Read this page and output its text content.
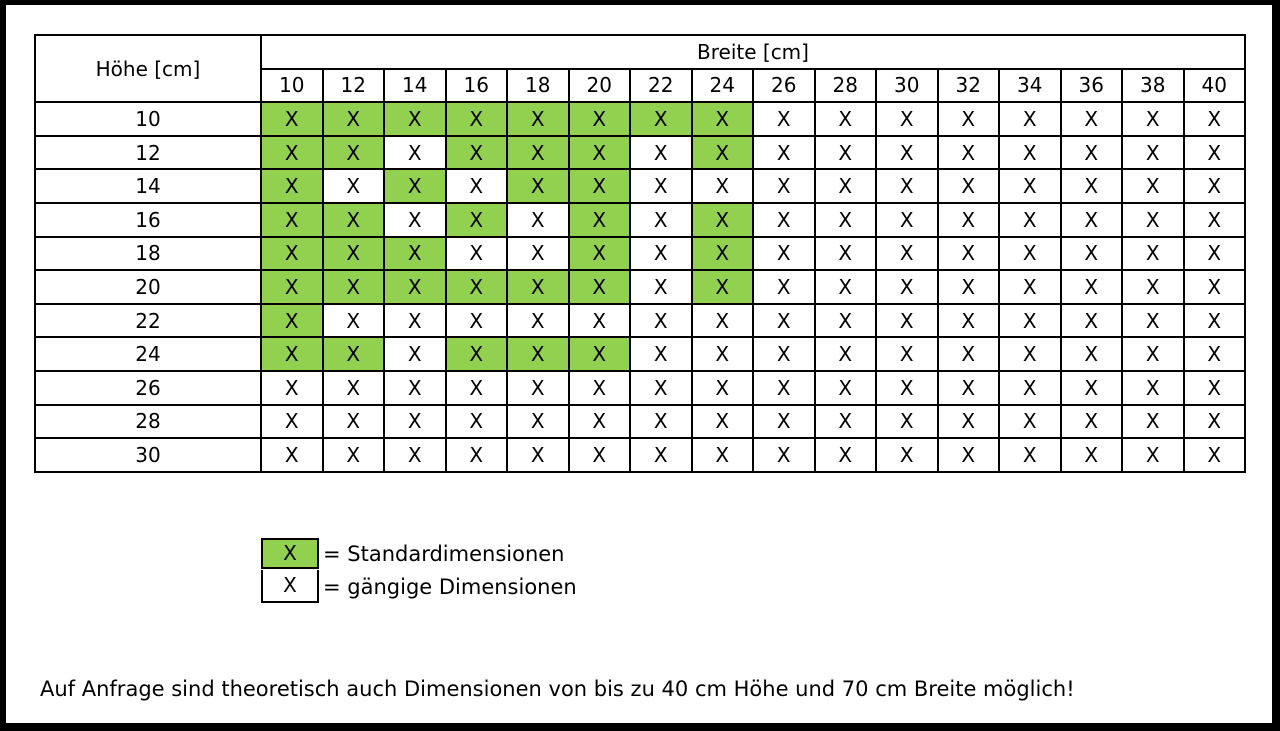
Höhe [cm]	Breite [cm]															
	10	12	14	16	18	20	22	24	26	28	30	32	34	36	38	40
10	X	X	X	X	X	X	X	X	X	X	X	X	X	X	X	X
12	X	X	X	X	X	X	X	X	X	X	X	X	X	X	X	X
14	X	X	X	X	X	X	X	X	X	X	X	X	X	X	X	X
16	X	X	X	X	X	X	X	X	X	X	X	X	X	X	X	X
18	X	X	X	X	X	X	X	X	X	X	X	X	X	X	X	X
20	X	X	X	X	X	X	X	X	X	X	X	X	X	X	X	X
22	X	X	X	X	X	X	X	X	X	X	X	X	X	X	X	X
24	X	X	X	X	X	X	X	X	X	X	X	X	X	X	X	X
26	X	X	X	X	X	X	X	X	X	X	X	X	X	X	X	X
28	X	X	X	X	X	X	X	X	X	X	X	X	X	X	X	X
30	X	X	X	X	X	X	X	X	X	X	X	X	X	X	X	X
X	= Standardimensionen
X	= gängige Dimensionen
Auf Anfrage sind theoretisch auch Dimensionen von bis zu 40 cm Höhe und 70 cm Breite möglich!
